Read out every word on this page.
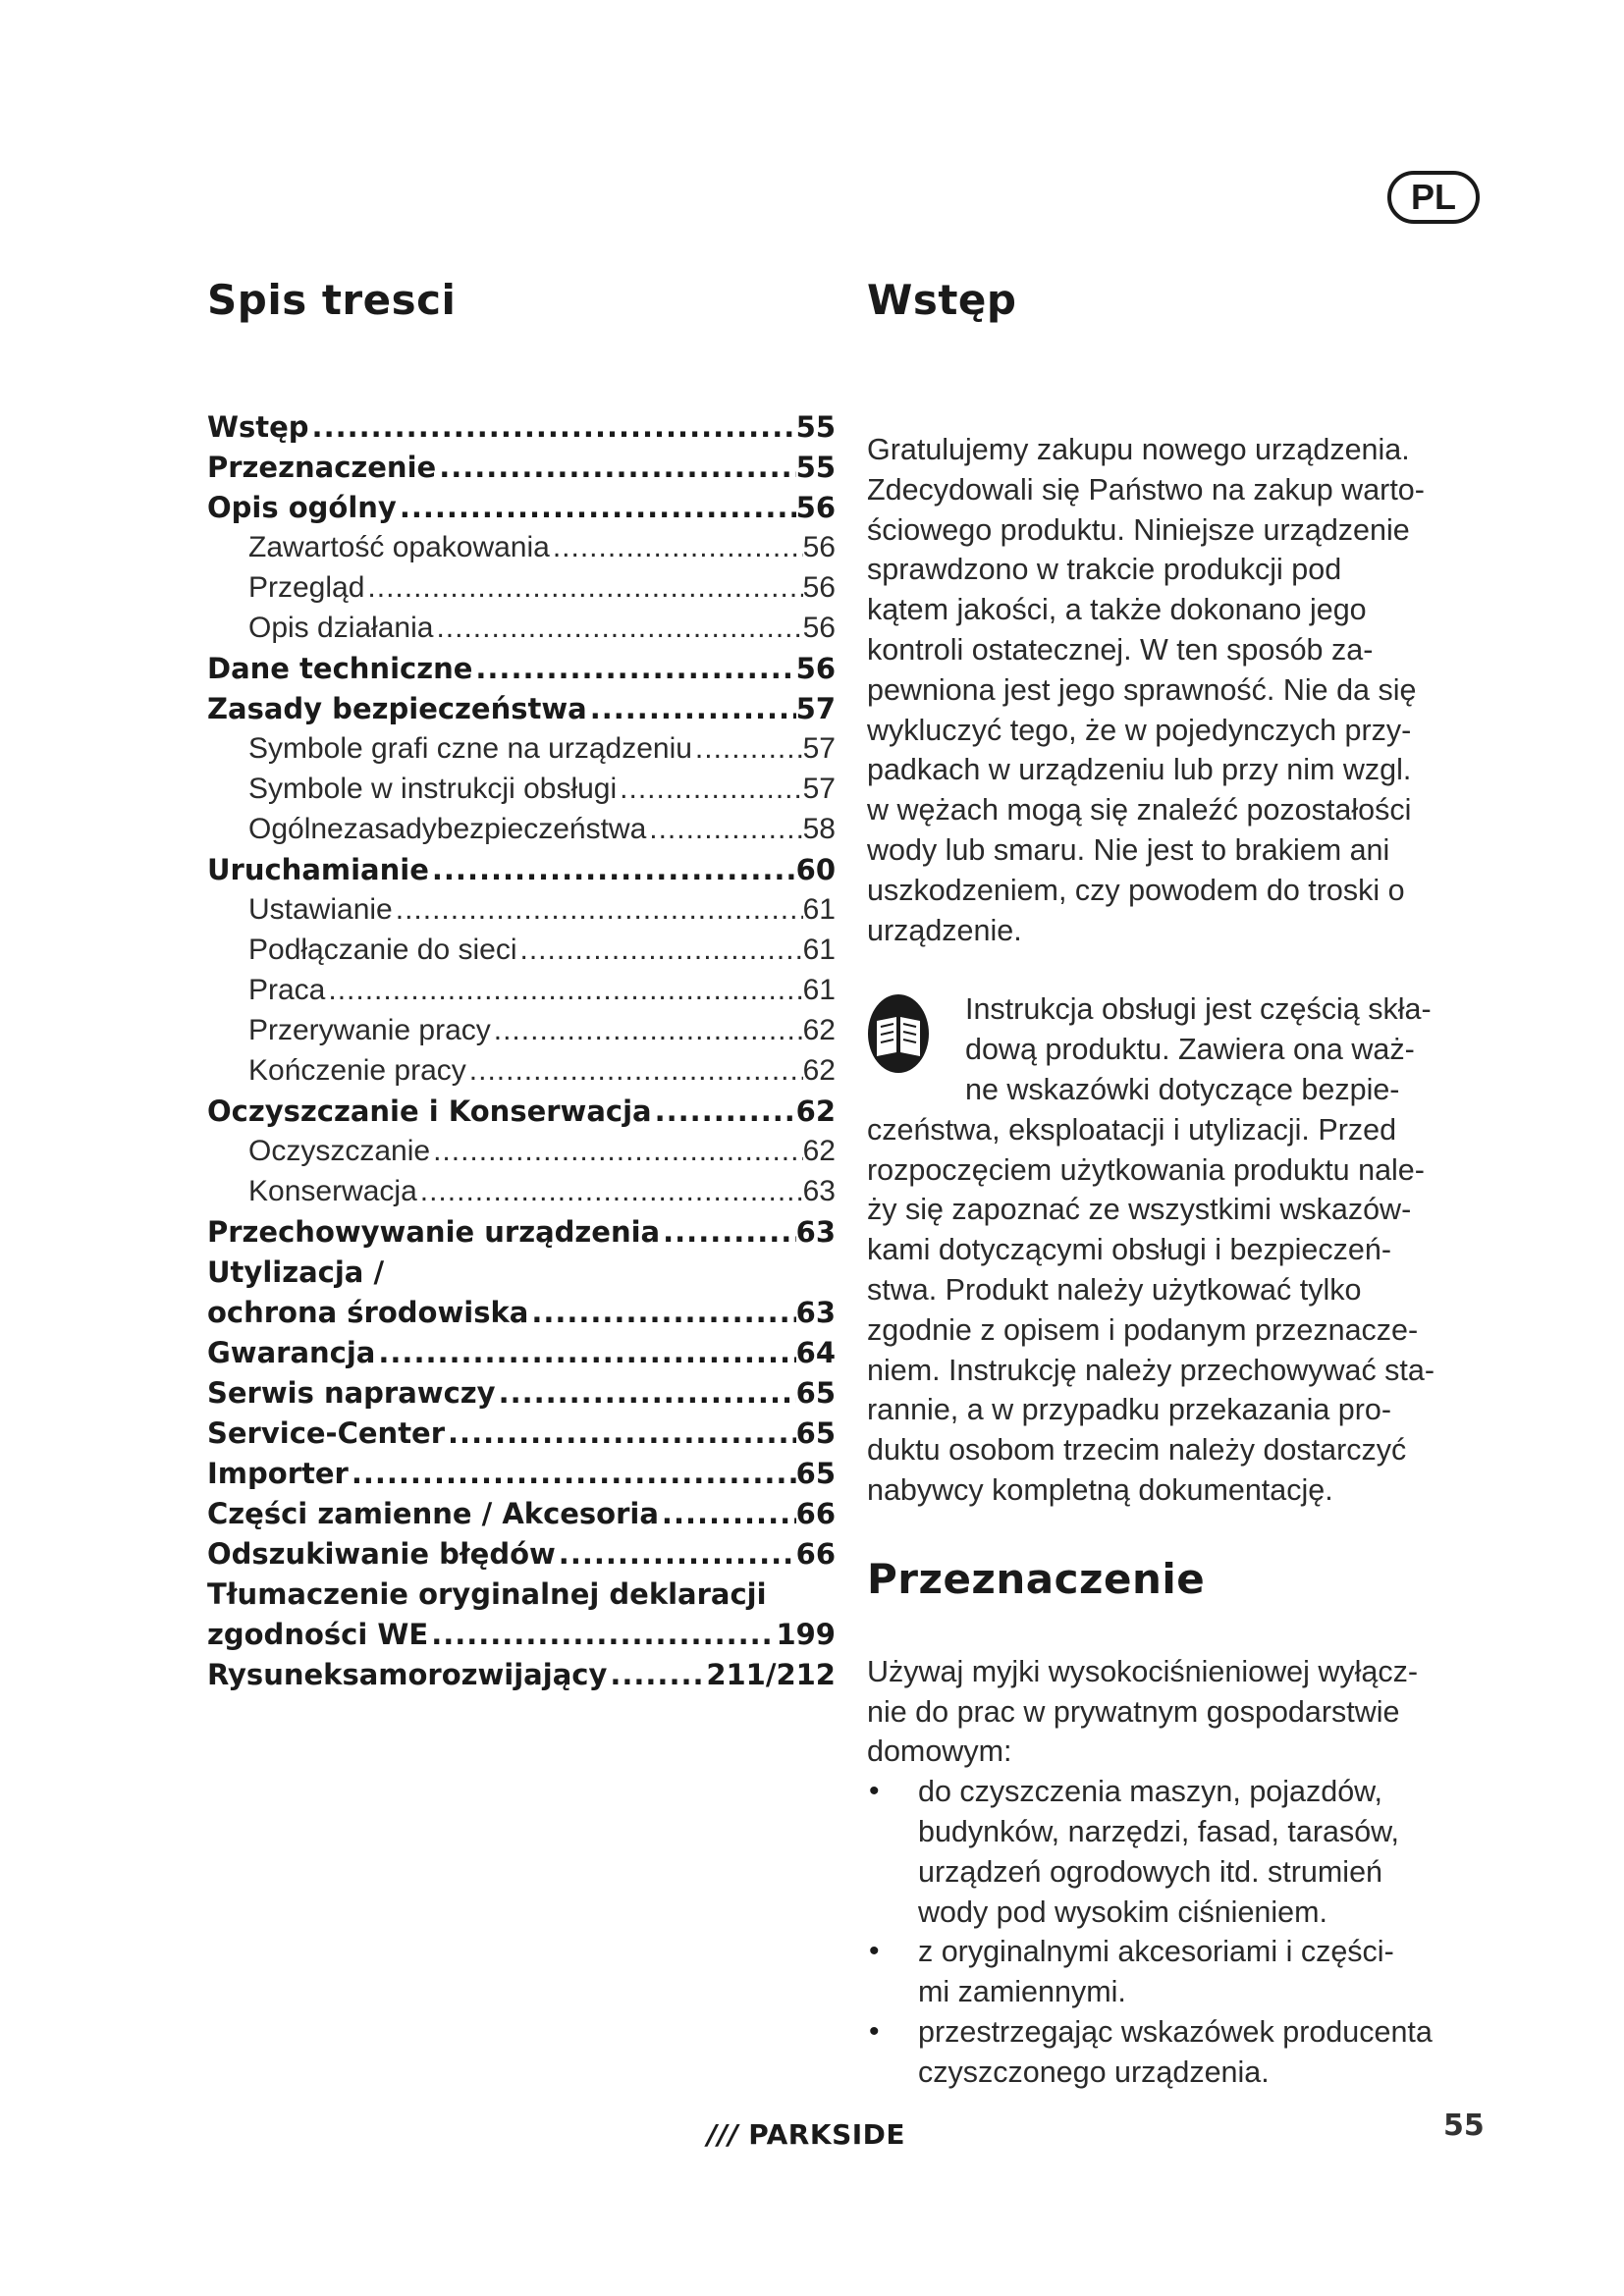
PL
Spis tresci
Wstęp .....	55
Przeznaczenie .....	55
Opis ogólny .....	56
Zawartość opakowania .....	56
Przegląd .....	56
Opis działania .....	56
Dane techniczne .....	56
Zasady bezpieczeństwa .....	57
Symbole grafi czne na urządzeniu .....	57
Symbole w instrukcji obsługi .....	57
Ogólnezasadybezpieczeństwa .....	58
Uruchamianie .....	60
Ustawianie .....	61
Podłączanie do sieci .....	61
Praca .....	61
Przerywanie pracy .....	62
Kończenie pracy .....	62
Oczyszczanie i Konserwacja .....	62
Oczyszczanie .....	62
Konserwacja .....	63
Przechowywanie urządzenia .....	63
Utylizacja /
ochrona środowiska .....	63
Gwarancja .....	64
Serwis naprawczy .....	65
Service-Center .....	65
Importer .....	65
Części zamienne / Akcesoria .....	66
Odszukiwanie błędów .....	66
Tłumaczenie oryginalnej deklaracji
zgodności WE .....	199
Rysuneksamorozwijający .....	211/212
Wstęp
Gratulujemy zakupu nowego urządzenia.
Zdecydowali się Państwo na zakup warto-
ściowego produktu. Niniejsze urządzenie
sprawdzono w trakcie produkcji pod
kątem jakości, a także dokonano jego
kontroli ostatecznej. W ten sposób za-
pewniona jest jego sprawność. Nie da się
wykluczyć tego, że w pojedynczych przy-
padkach w urządzeniu lub przy nim wzgl.
w wężach mogą się znaleźć pozostałości
wody lub smaru. Nie jest to brakiem ani
uszkodzeniem, czy powodem do troski o
urządzenie.
Instrukcja obsługi jest częścią skła-
dową produktu. Zawiera ona waż-
ne wskazówki dotyczące bezpie-
czeństwa, eksploatacji i utylizacji. Przed
rozpoczęciem użytkowania produktu nale-
ży się zapoznać ze wszystkimi wskazów-
kami dotyczącymi obsługi i bezpieczeń-
stwa. Produkt należy użytkować tylko
zgodnie z opisem i podanym przeznacze-
niem. Instrukcję należy przechowywać sta-
rannie, a w przypadku przekazania pro-
duktu osobom trzecim należy dostarczyć
nabywcy kompletną dokumentację.
Przeznaczenie
Używaj myjki wysokociśnieniowej wyłącz-
nie do prac w prywatnym gospodarstwie
domowym:
• do czyszczenia maszyn, pojazdów,
budynków, narzędzi, fasad, tarasów,
urządzeń ogrodowych itd. strumień
wody pod wysokim ciśnieniem.
• z oryginalnymi akcesoriami i części-
mi zamiennymi.
• przestrzegając wskazówek producenta
czyszczonego urządzenia.
/// PARKSIDE	55
